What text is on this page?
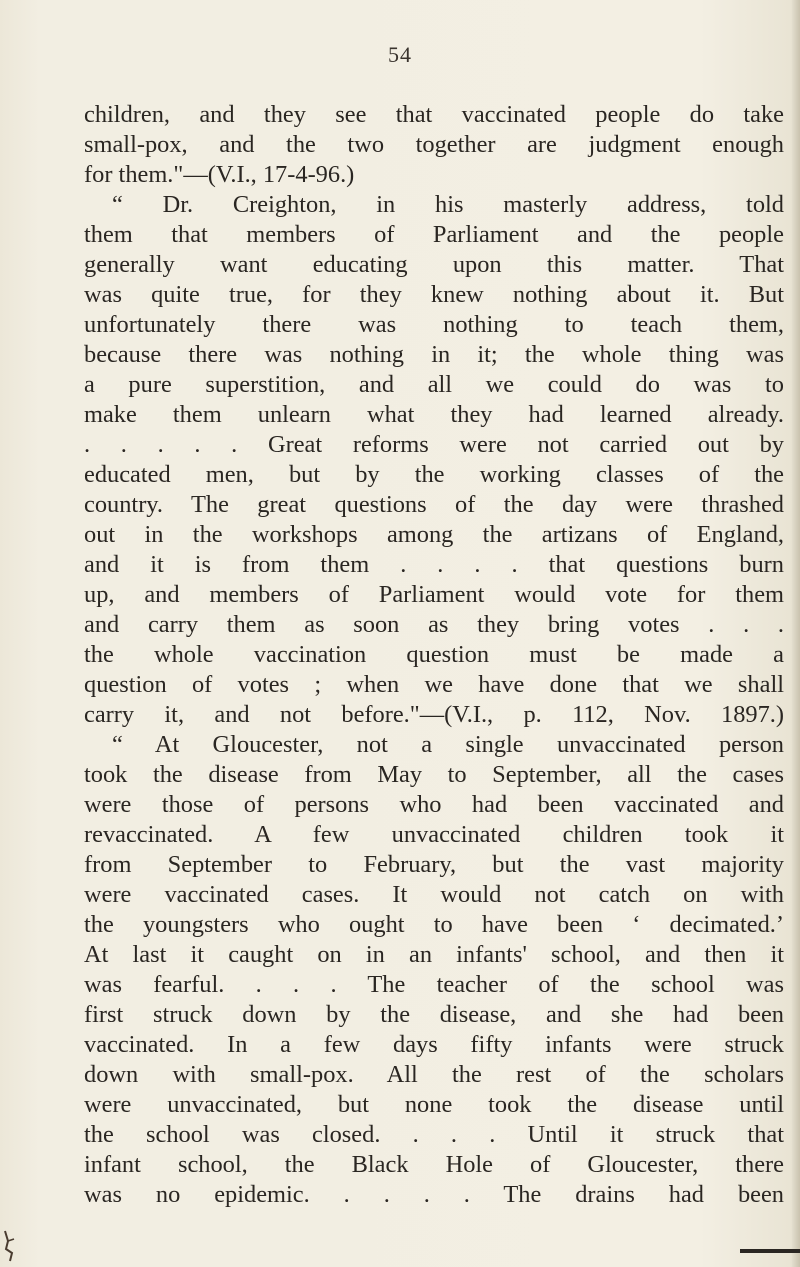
54
children, and they see that vaccinated people do take
small-pox, and the two together are judgment enough
for them."—(V.I., 17-4-96.)
“ Dr. Creighton, in his masterly address, told
them that members of Parliament and the people
generally want educating upon this matter. That
was quite true, for they knew nothing about it. But
unfortunately there was nothing to teach them,
because there was nothing in it; the whole thing was
a pure superstition, and all we could do was to
make them unlearn what they had learned already.
. . . . . Great reforms were not carried out by
educated men, but by the working classes of the
country. The great questions of the day were thrashed
out in the workshops among the artizans of England,
and it is from them . . . . that questions burn
up, and members of Parliament would vote for them
and carry them as soon as they bring votes . . .
the whole vaccination question must be made a
question of votes ; when we have done that we shall
carry it, and not before."—(V.I., p. 112, Nov. 1897.)
“ At Gloucester, not a single unvaccinated person
took the disease from May to September, all the cases
were those of persons who had been vaccinated and
revaccinated. A few unvaccinated children took it
from September to February, but the vast majority
were vaccinated cases. It would not catch on with
the youngsters who ought to have been ‘ decimated.’
At last it caught on in an infants' school, and then it
was fearful. . . . The teacher of the school was
first struck down by the disease, and she had been
vaccinated. In a few days fifty infants were struck
down with small-pox. All the rest of the scholars
were unvaccinated, but none took the disease until
the school was closed. . . . Until it struck that
infant school, the Black Hole of Gloucester, there
was no epidemic. . . . . The drains had been
